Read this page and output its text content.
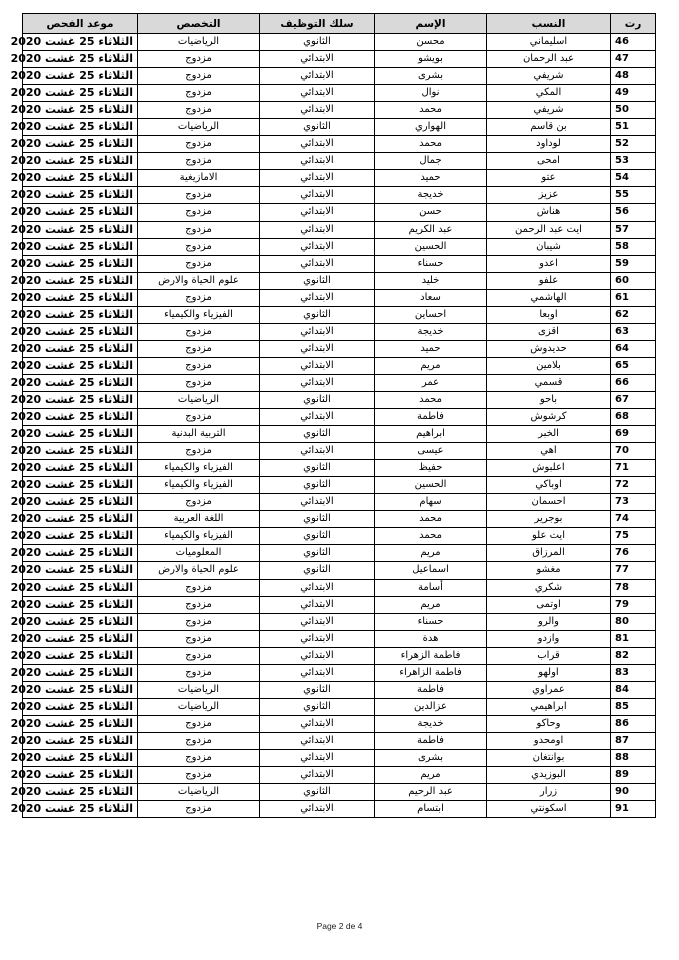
رت	النسب	الإسم	سلك التوظيف	التخصص	موعد الفحص
46	اسليماني	محسن	الثانوي	الرياضيات	الثلاثاء 25 غشت 2020
47	عبد الرحمان	بويشو	الابتدائي	مزدوج	الثلاثاء 25 غشت 2020
48	شريفي	بشرى	الابتدائي	مزدوج	الثلاثاء 25 غشت 2020
49	المكي	نوال	الابتدائي	مزدوج	الثلاثاء 25 غشت 2020
50	شريفي	محمد	الابتدائي	مزدوج	الثلاثاء 25 غشت 2020
51	بن قاسم	الهواري	الثانوي	الرياضيات	الثلاثاء 25 غشت 2020
52	لوداود	محمد	الابتدائي	مزدوج	الثلاثاء 25 غشت 2020
53	امحى	جمال	الابتدائي	مزدوج	الثلاثاء 25 غشت 2020
54	عتو	حميد	الابتدائي	الامازيغية	الثلاثاء 25 غشت 2020
55	عزيز	خديجة	الابتدائي	مزدوج	الثلاثاء 25 غشت 2020
56	هناش	حسن	الابتدائي	مزدوج	الثلاثاء 25 غشت 2020
57	ايت عبد الرحمن	عبد الكريم	الابتدائي	مزدوج	الثلاثاء 25 غشت 2020
58	شيبان	الحسين	الابتدائي	مزدوج	الثلاثاء 25 غشت 2020
59	اعدو	حسناء	الابتدائي	مزدوج	الثلاثاء 25 غشت 2020
60	علفو	خليد	الثانوي	علوم الحياة والارض	الثلاثاء 25 غشت 2020
61	الهاشمي	سعاد	الابتدائي	مزدوج	الثلاثاء 25 غشت 2020
62	اوبعا	احساين	الثانوي	الفيزياء والكيمياء	الثلاثاء 25 غشت 2020
63	اقزى	خديجة	الابتدائي	مزدوج	الثلاثاء 25 غشت 2020
64	حديدوش	حميد	الابتدائي	مزدوج	الثلاثاء 25 غشت 2020
65	بلامين	مريم	الابتدائي	مزدوج	الثلاثاء 25 غشت 2020
66	قسمي	عمر	الابتدائي	مزدوج	الثلاثاء 25 غشت 2020
67	باحو	محمد	الثانوي	الرياضيات	الثلاثاء 25 غشت 2020
68	كرشوش	فاطمة	الابتدائي	مزدوج	الثلاثاء 25 غشت 2020
69	الخبر	ابراهيم	الثانوي	التربية البدنية	الثلاثاء 25 غشت 2020
70	اهي	عيسى	الابتدائي	مزدوج	الثلاثاء 25 غشت 2020
71	اعلبوش	حفيظ	الثانوي	الفيزياء والكيمياء	الثلاثاء 25 غشت 2020
72	اوباكي	الحسين	الثانوي	الفيزياء والكيمياء	الثلاثاء 25 غشت 2020
73	احسمان	سهام	الابتدائي	مزدوج	الثلاثاء 25 غشت 2020
74	بوجرير	محمد	الثانوي	اللغة العربية	الثلاثاء 25 غشت 2020
75	ايت علو	محمد	الثانوي	الفيزياء والكيمياء	الثلاثاء 25 غشت 2020
76	المرزاق	مريم	الثانوي	المعلوميات	الثلاثاء 25 غشت 2020
77	مغشو	اسماعيل	الثانوي	علوم الحياة والارض	الثلاثاء 25 غشت 2020
78	شكري	أسامة	الابتدائي	مزدوج	الثلاثاء 25 غشت 2020
79	اوتمى	مريم	الابتدائي	مزدوج	الثلاثاء 25 غشت 2020
80	والرو	حسناء	الابتدائي	مزدوج	الثلاثاء 25 غشت 2020
81	وازدو	هدة	الابتدائي	مزدوج	الثلاثاء 25 غشت 2020
82	قراب	فاطمة الزهراء	الابتدائي	مزدوج	الثلاثاء 25 غشت 2020
83	اولهو	فاطمة الزاهراء	الابتدائي	مزدوج	الثلاثاء 25 غشت 2020
84	عمراوي	فاطمة	الثانوي	الرياضيات	الثلاثاء 25 غشت 2020
85	ابراهيمي	عزالدين	الثانوي	الرياضيات	الثلاثاء 25 غشت 2020
86	وحاكو	خديجة	الابتدائي	مزدوج	الثلاثاء 25 غشت 2020
87	اومحدو	فاطمة	الابتدائي	مزدوج	الثلاثاء 25 غشت 2020
88	بوانتغان	بشرى	الابتدائي	مزدوج	الثلاثاء 25 غشت 2020
89	البوزيدي	مريم	الابتدائي	مزدوج	الثلاثاء 25 غشت 2020
90	زرار	عبد الرحيم	الثانوي	الرياضيات	الثلاثاء 25 غشت 2020
91	اسكونتي	ابتسام	الابتدائي	مزدوج	الثلاثاء 25 غشت 2020
Page 2 de 4
